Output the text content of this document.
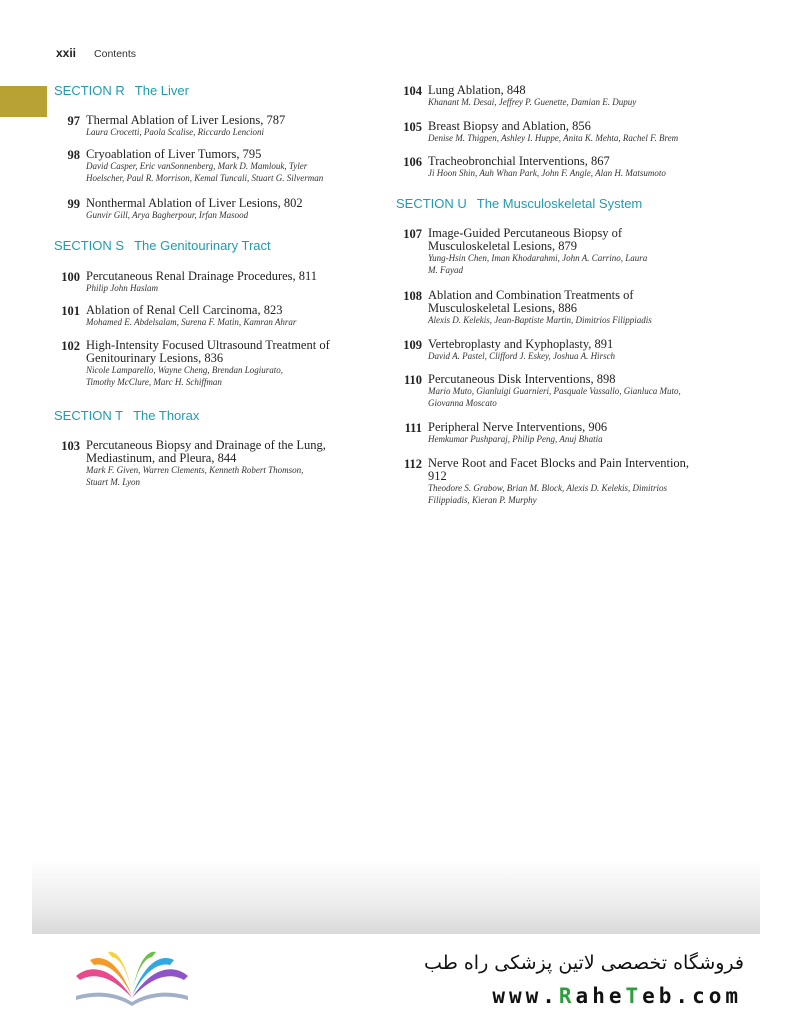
xxii Contents
SECTION R The Liver
97 Thermal Ablation of Liver Lesions, 787
Laura Crocetti, Paola Scalise, Riccardo Lencioni
98 Cryoablation of Liver Tumors, 795
David Casper, Eric vanSonnenberg, Mark D. Mamlouk, Tyler
Hoelscher, Paul R. Morrison, Kemal Tuncali, Stuart G. Silverman
99 Nonthermal Ablation of Liver Lesions, 802
Gunvir Gill, Arya Bagherpour, Irfan Masood
SECTION S The Genitourinary Tract
100 Percutaneous Renal Drainage Procedures, 811
Philip John Haslam
101 Ablation of Renal Cell Carcinoma, 823
Mohamed E. Abdelsalam, Surena F. Matin, Kamran Ahrar
102 High-Intensity Focused Ultrasound Treatment of
Genitourinary Lesions, 836
Nicole Lamparello, Wayne Cheng, Brendan Logiurato,
Timothy McClure, Marc H. Schiffman
SECTION T The Thorax
103 Percutaneous Biopsy and Drainage of the Lung,
Mediastinum, and Pleura, 844
Mark F. Given, Warren Clements, Kenneth Robert Thomson,
Stuart M. Lyon
104 Lung Ablation, 848
Khanant M. Desai, Jeffrey P. Guenette, Damian E. Dupuy
105 Breast Biopsy and Ablation, 856
Denise M. Thigpen, Ashley I. Huppe, Anita K. Mehta, Rachel F. Brem
106 Tracheobronchial Interventions, 867
Ji Hoon Shin, Auh Whan Park, John F. Angle, Alan H. Matsumoto
SECTION U The Musculoskeletal System
107 Image-Guided Percutaneous Biopsy of
Musculoskeletal Lesions, 879
Yung-Hsin Chen, Iman Khodarahmi, John A. Carrino, Laura
M. Fayad
108 Ablation and Combination Treatments of
Musculoskeletal Lesions, 886
Alexis D. Kelekis, Jean-Baptiste Martin, Dimitrios Filippiadis
109 Vertebroplasty and Kyphoplasty, 891
David A. Pastel, Clifford J. Eskey, Joshua A. Hirsch
110 Percutaneous Disk Interventions, 898
Mario Muto, Gianluigi Guarnieri, Pasquale Vassallo, Gianluca Muto,
Giovanna Moscato
111 Peripheral Nerve Interventions, 906
Hemkumar Pushparaj, Philip Peng, Anuj Bhatia
112 Nerve Root and Facet Blocks and Pain Intervention,
912
Theodore S. Grabow, Brian M. Block, Alexis D. Kelekis, Dimitrios
Filippiadis, Kieran P. Murphy
فروشگاه تخصصی لاتین پزشکی راه طب
www.RaheTeb.com
